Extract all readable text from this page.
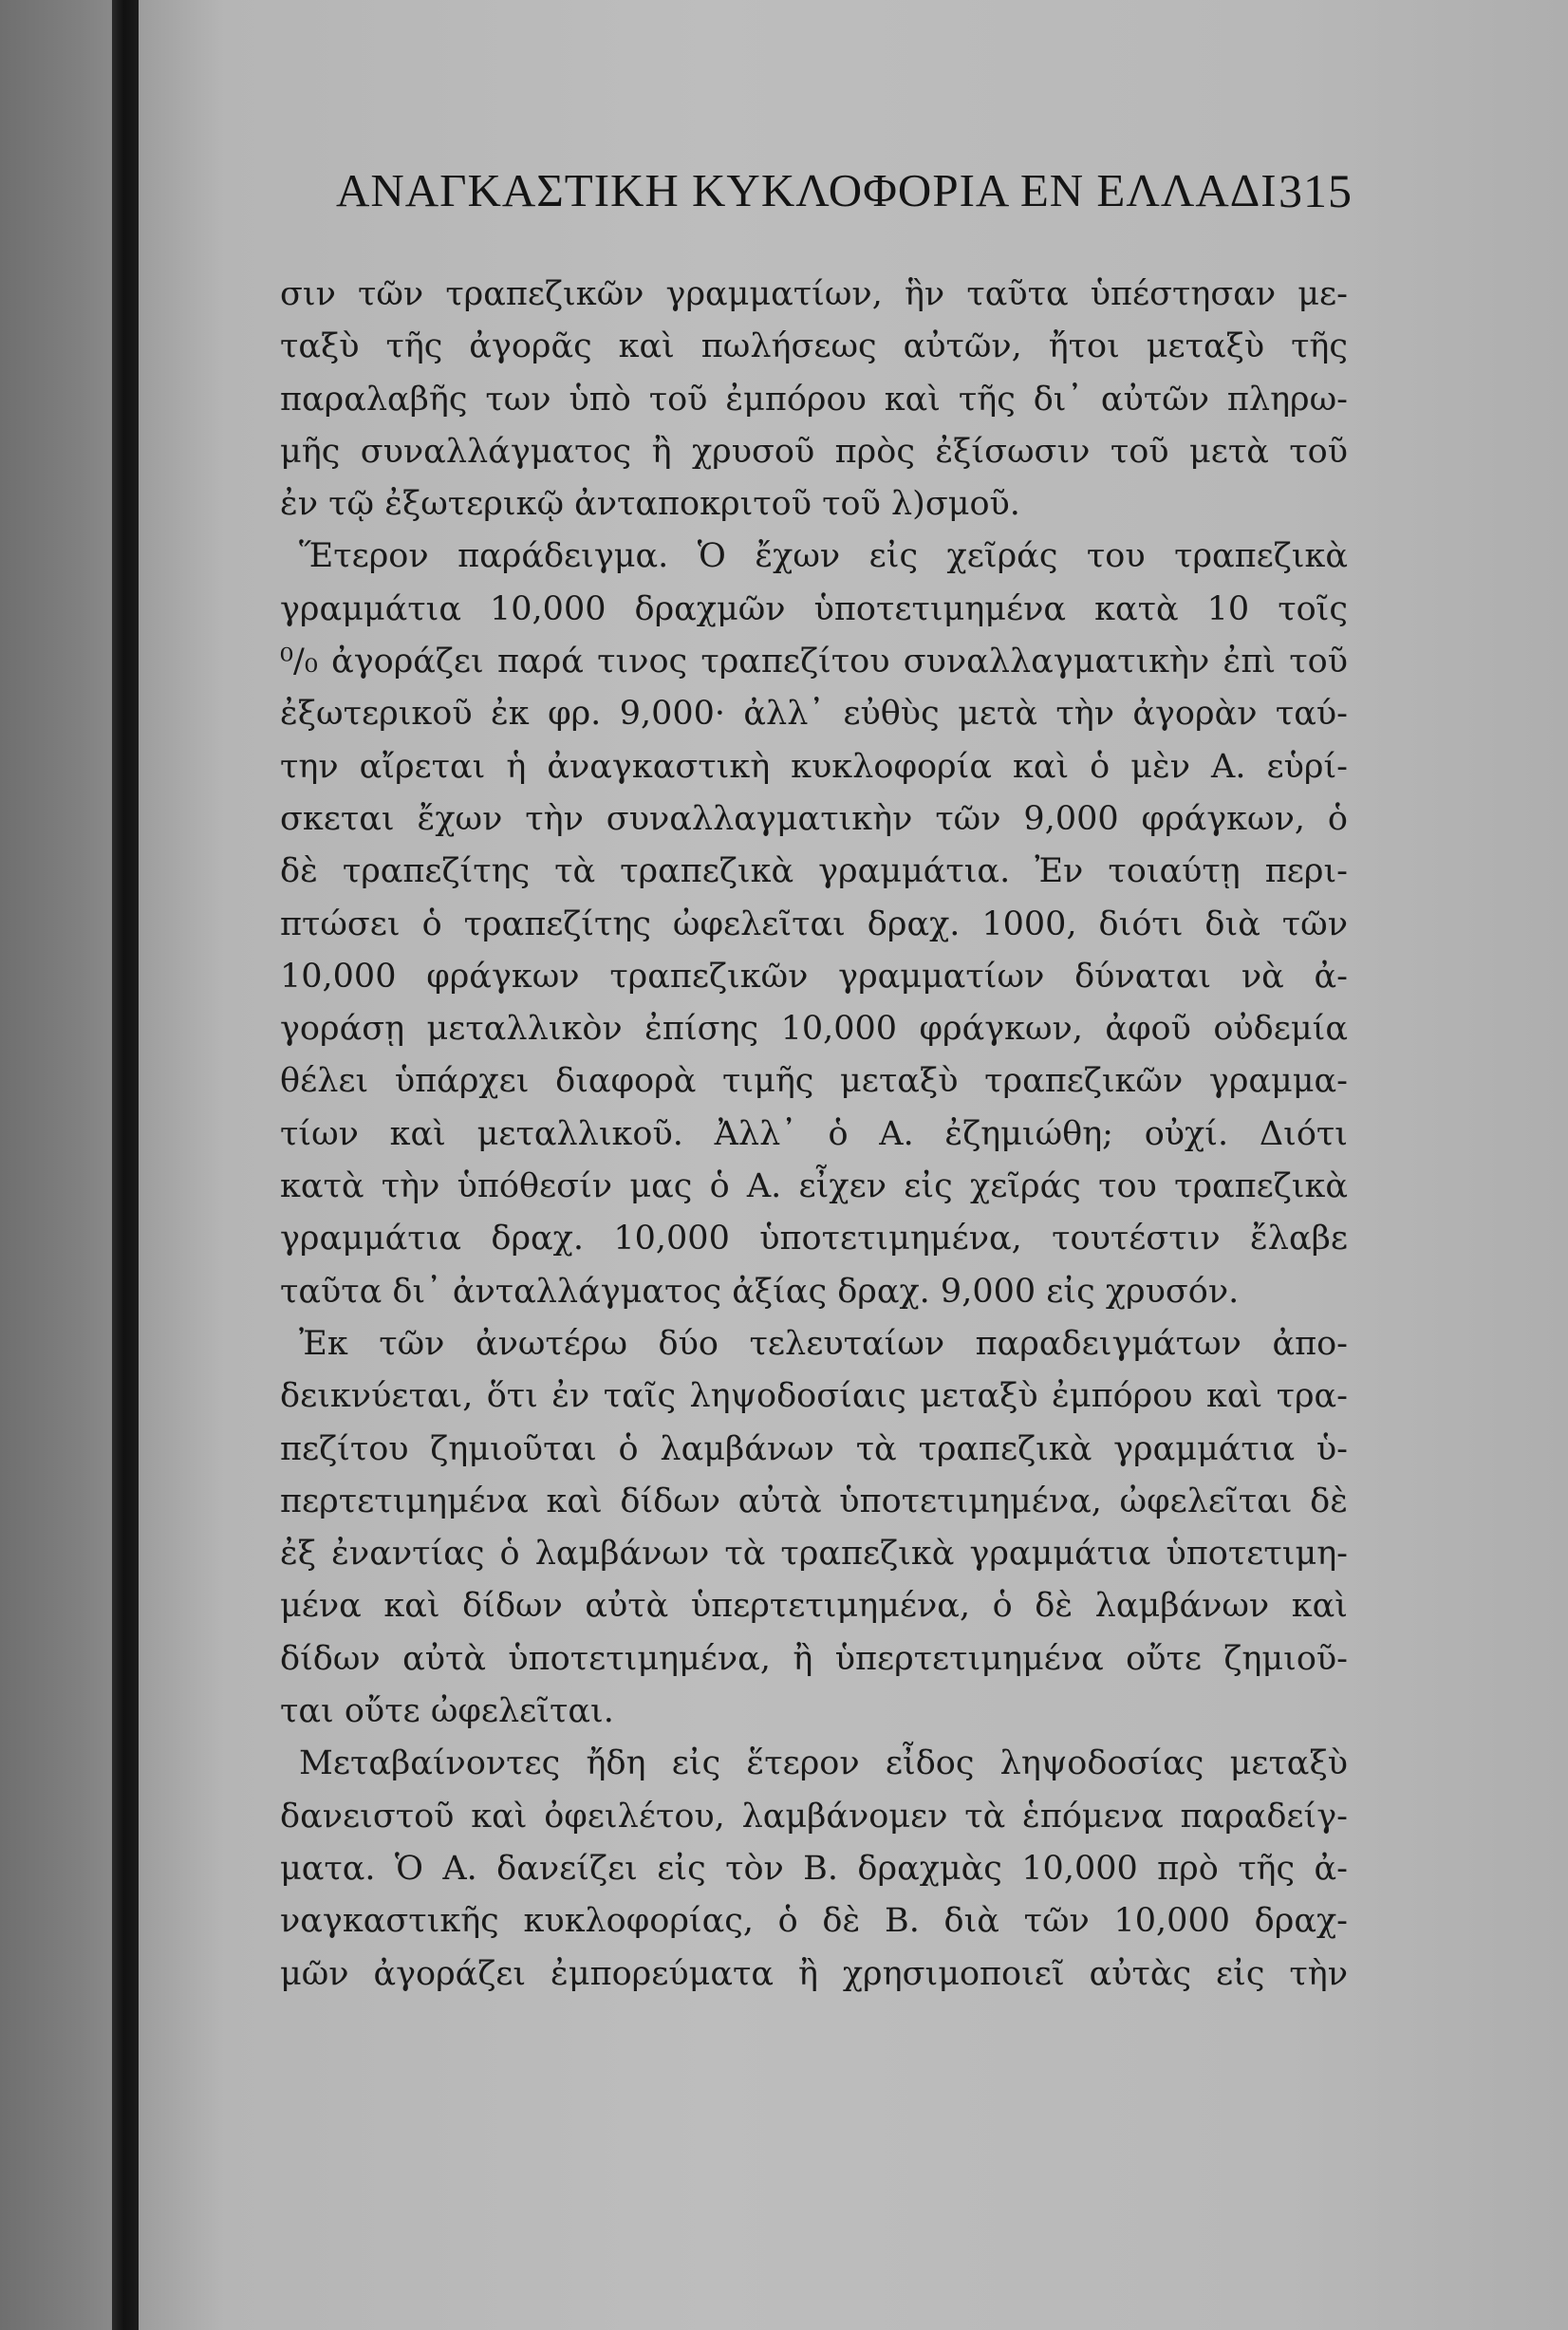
ΑΝΑΓΚΑΣΤΙΚΗ ΚΥΚΛΟΦΟΡΙΑ ΕΝ ΕΛΛΑΔΙ 315
σιν τῶν τραπεζικῶν γραμματίων, ἣν ταῦτα ὑπέστησαν με-
ταξὺ τῆς ἀγορᾶς καὶ πωλήσεως αὐτῶν, ἤτοι μεταξὺ τῆς
παραλαβῆς των ὑπὸ τοῦ ἐμπόρου καὶ τῆς δι᾽ αὐτῶν πληρω-
μῆς συναλλάγματος ἢ χρυσοῦ πρὸς ἐξίσωσιν τοῦ μετὰ τοῦ
ἐν τῷ ἐξωτερικῷ ἀνταποκριτοῦ τοῦ λ)σμοῦ.
Ἕτερον παράδειγμα. Ὁ ἔχων εἰς χεῖράς του τραπεζικὰ
γραμμάτια 10,000 δραχμῶν ὑποτετιμημένα κατὰ 10 τοῖς
⁰/₀ ἀγοράζει παρά τινος τραπεζίτου συναλλαγματικὴν ἐπὶ τοῦ
ἐξωτερικοῦ ἐκ φρ. 9,000· ἀλλ᾽ εὐθὺς μετὰ τὴν ἀγορὰν ταύ-
την αἴρεται ἡ ἀναγκαστικὴ κυκλοφορία καὶ ὁ μὲν Α. εὑρί-
σκεται ἔχων τὴν συναλλαγματικὴν τῶν 9,000 φράγκων, ὁ
δὲ τραπεζίτης τὰ τραπεζικὰ γραμμάτια. Ἐν τοιαύτῃ περι-
πτώσει ὁ τραπεζίτης ὠφελεῖται δραχ. 1000, διότι διὰ τῶν
10,000 φράγκων τραπεζικῶν γραμματίων δύναται νὰ ἀ-
γοράσῃ μεταλλικὸν ἐπίσης 10,000 φράγκων, ἀφοῦ οὐδεμία
θέλει ὑπάρχει διαφορὰ τιμῆς μεταξὺ τραπεζικῶν γραμμα-
τίων καὶ μεταλλικοῦ. Ἀλλ᾽ ὁ Α. ἐζημιώθη; οὐχί. Διότι
κατὰ τὴν ὑπόθεσίν μας ὁ Α. εἶχεν εἰς χεῖράς του τραπεζικὰ
γραμμάτια δραχ. 10,000 ὑποτετιμημένα, τουτέστιν ἔλαβε
ταῦτα δι᾽ ἀνταλλάγματος ἀξίας δραχ. 9,000 εἰς χρυσόν.
Ἐκ τῶν ἀνωτέρω δύο τελευταίων παραδειγμάτων ἀπο-
δεικνύεται, ὅτι ἐν ταῖς ληψοδοσίαις μεταξὺ ἐμπόρου καὶ τρα-
πεζίτου ζημιοῦται ὁ λαμβάνων τὰ τραπεζικὰ γραμμάτια ὑ-
περτετιμημένα καὶ δίδων αὐτὰ ὑποτετιμημένα, ὠφελεῖται δὲ
ἐξ ἐναντίας ὁ λαμβάνων τὰ τραπεζικὰ γραμμάτια ὑποτετιμη-
μένα καὶ δίδων αὐτὰ ὑπερτετιμημένα, ὁ δὲ λαμβάνων καὶ
δίδων αὐτὰ ὑποτετιμημένα, ἢ ὑπερτετιμημένα οὔτε ζημιοῦ-
ται οὔτε ὠφελεῖται.
Μεταβαίνοντες ἤδη εἰς ἕτερον εἶδος ληψοδοσίας μεταξὺ
δανειστοῦ καὶ ὀφειλέτου, λαμβάνομεν τὰ ἑπόμενα παραδείγ-
ματα. Ὁ Α. δανείζει εἰς τὸν Β. δραχμὰς 10,000 πρὸ τῆς ἀ-
ναγκαστικῆς κυκλοφορίας, ὁ δὲ Β. διὰ τῶν 10,000 δραχ-
μῶν ἀγοράζει ἐμπορεύματα ἢ χρησιμοποιεῖ αὐτὰς εἰς τὴν
